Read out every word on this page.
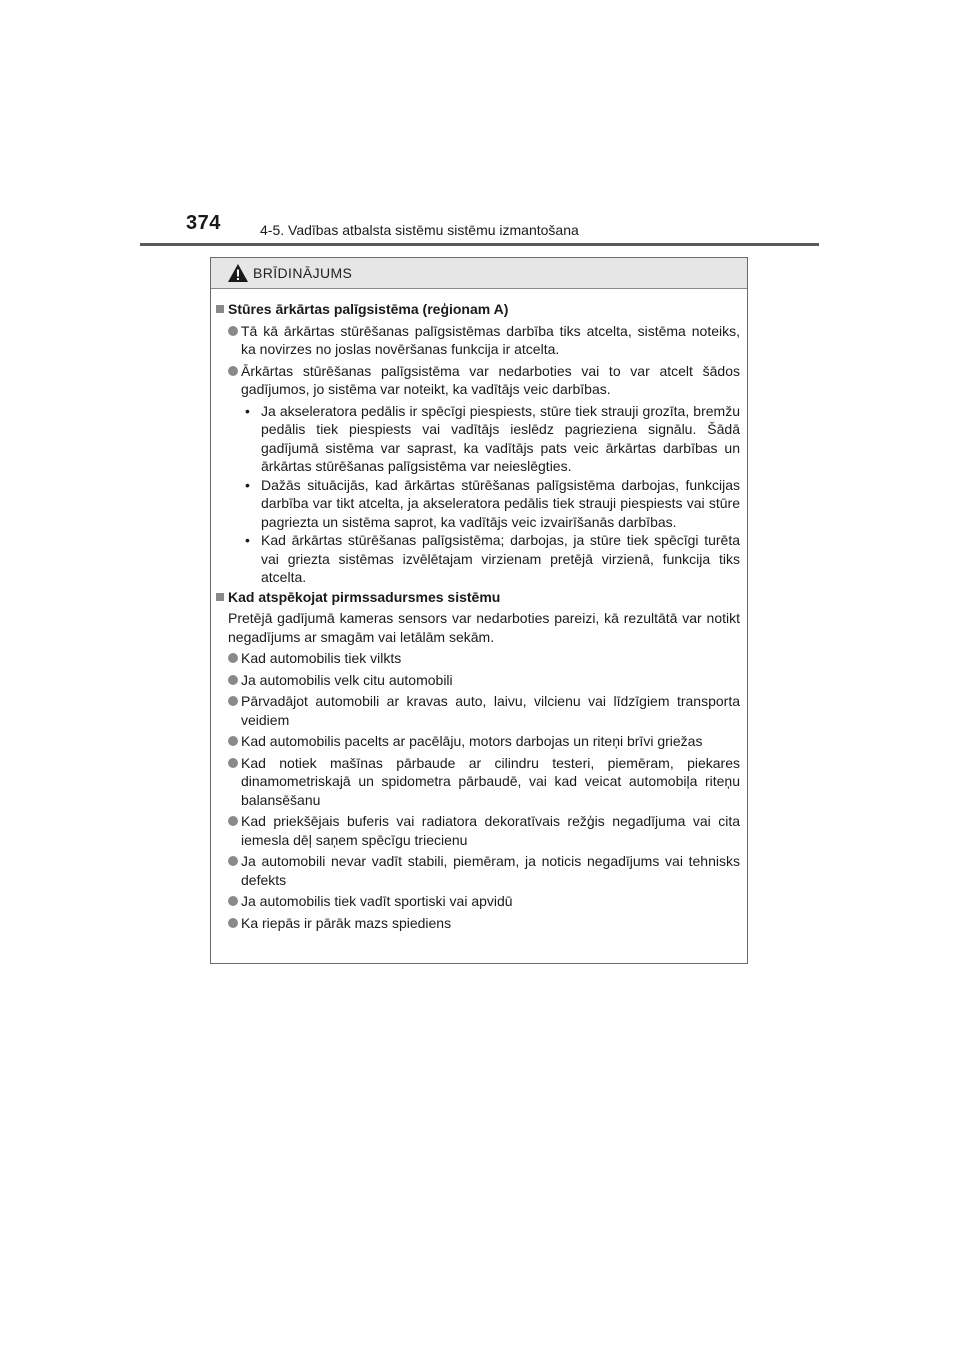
374	4-5. Vadības atbalsta sistēmu sistēmu izmantošana
BRĪDINĀJUMS
Stūres ārkārtas palīgsistēma (reģionam A)
Tā kā ārkārtas stūrēšanas palīgsistēmas darbība tiks atcelta, sistēma noteiks, ka novirzes no joslas novēršanas funkcija ir atcelta.
Ārkārtas stūrēšanas palīgsistēma var nedarboties vai to var atcelt šādos gadījumos, jo sistēma var noteikt, ka vadītājs veic darbības.
• Ja akseleratora pedālis ir spēcīgi piespiests, stūre tiek strauji grozīta, bremžu pedālis tiek piespiests vai vadītājs ieslēdz pagrieziena signālu. Šādā gadījumā sistēma var saprast, ka vadītājs pats veic ārkārtas darbības un ārkārtas stūrēšanas palīgsistēma var neieslēgties.
• Dažās situācijās, kad ārkārtas stūrēšanas palīgsistēma darbojas, funkcijas darbība var tikt atcelta, ja akseleratora pedālis tiek strauji piespiests vai stūre pagriezta un sistēma saprot, ka vadītājs veic izvairīšanās darbības.
• Kad ārkārtas stūrēšanas palīgsistēma; darbojas, ja stūre tiek spēcīgi turēta vai griezta sistēmas izvēlētajam virzienam pretējā virzienā, funkcija tiks atcelta.
Kad atspēkojat pirmssadursmes sistēmu
Pretējā gadījumā kameras sensors var nedarboties pareizi, kā rezultātā var notikt negadījums ar smagām vai letālām sekām.
Kad automobilis tiek vilkts
Ja automobilis velk citu automobili
Pārvadājot automobili ar kravas auto, laivu, vilcienu vai līdzīgiem transporta veidiem
Kad automobilis pacelts ar pacēlāju, motors darbojas un riteņi brīvi griežas
Kad notiek mašīnas pārbaude ar cilindru testeri, piemēram, piekares dinamometriskajā un spidometra pārbaudē, vai kad veicat automobiļa riteņu balansēšanu
Kad priekšējais buferis vai radiatora dekoratīvais režģis negadījuma vai cita iemesla dēļ saņem spēcīgu triecienu
Ja automobili nevar vadīt stabili, piemēram, ja noticis negadījums vai tehnisks defekts
Ja automobilis tiek vadīt sportiski vai apvidū
Ka riepās ir pārāk mazs spiediens
